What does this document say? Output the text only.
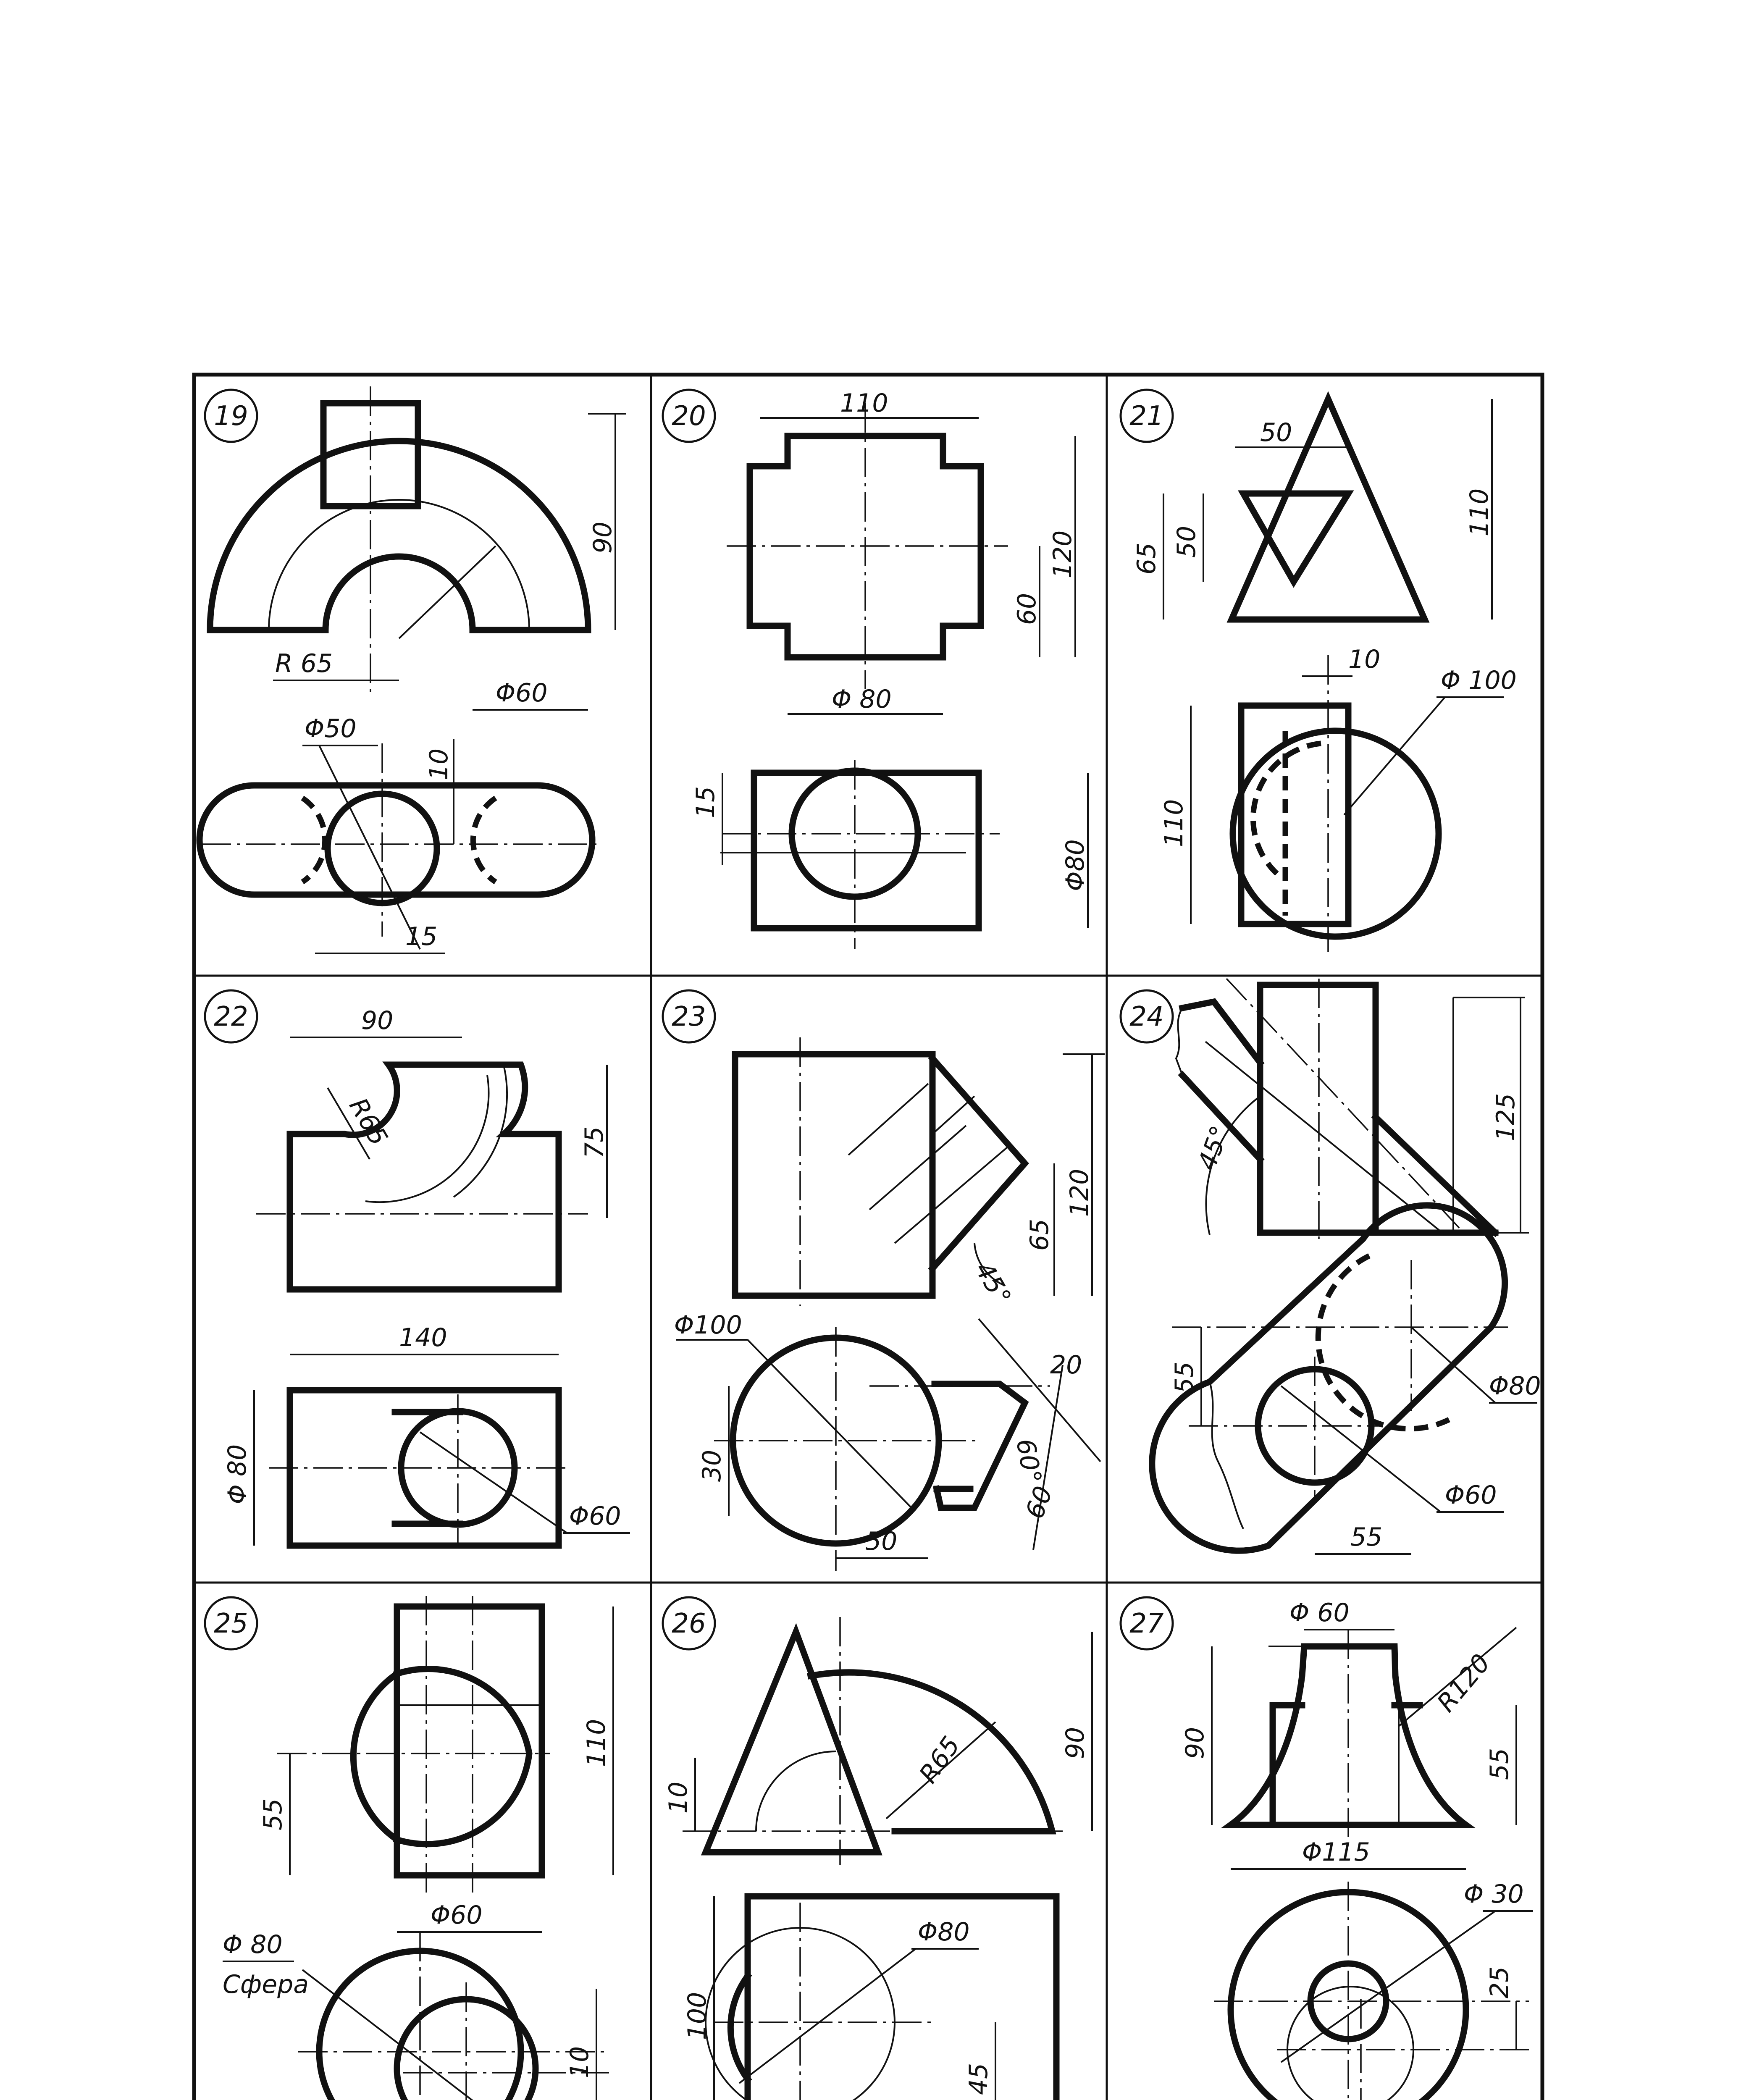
19
90
R 65
Φ60
Φ50
10
15
20	110
120
60
Φ 80
15
Φ80
21
50
50
65
110
10
Φ 100
110
22	90
R65	75
140
Φ 80
Φ60
23
120
65
45°
Φ100
20
60°
60
30
50
24
125
45°
55	Φ80
Φ60
55
25
110
55
Φ60
Φ 80
Сфера
10
26
R65	90
10
Φ80
100
45
27	Φ 60
R120
90
55
Φ115
Φ 30
25
